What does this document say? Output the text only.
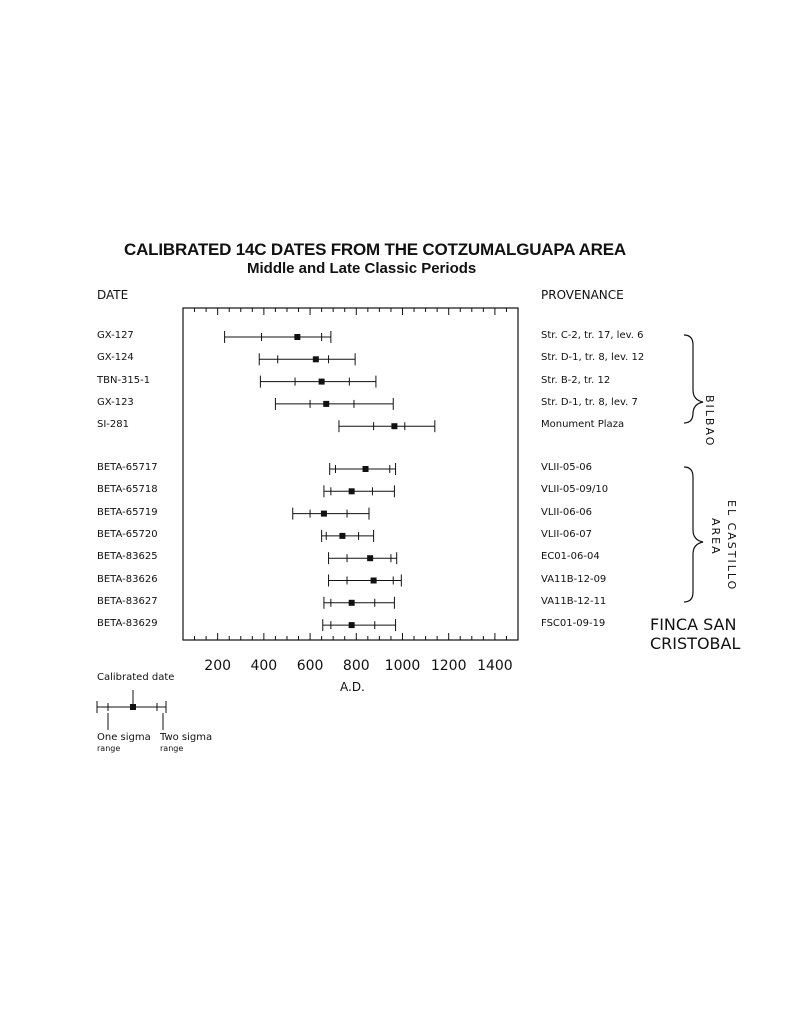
CALIBRATED 14C DATES FROM THE COTZUMALGUAPA AREA
Middle and Late Classic Periods
DATE	PROVENANCE
GX-127
GX-124
TBN-315-1
GX-123
SI-281
BETA-65717
BETA-65718
BETA-65719
BETA-65720
BETA-83625
BETA-83626
BETA-83627
BETA-83629
Str. C-2, tr. 17, lev. 6
Str. D-1, tr. 8, lev. 12
Str. B-2, tr. 12
Str. D-1, tr. 8, lev. 7
Monument Plaza
VLII-05-06
VLII-05-09/10
VLII-06-06
VLII-06-07
EC01-06-04
VA11B-12-09
VA11B-12-11
FSC01-09-19
200 400 600 800 1000 1200 1400
A.D.
BILBAO
EL CASTILLO
AREA
FINCA SAN
CRISTOBAL
Calibrated date
One sigma
range
Two sigma
range
